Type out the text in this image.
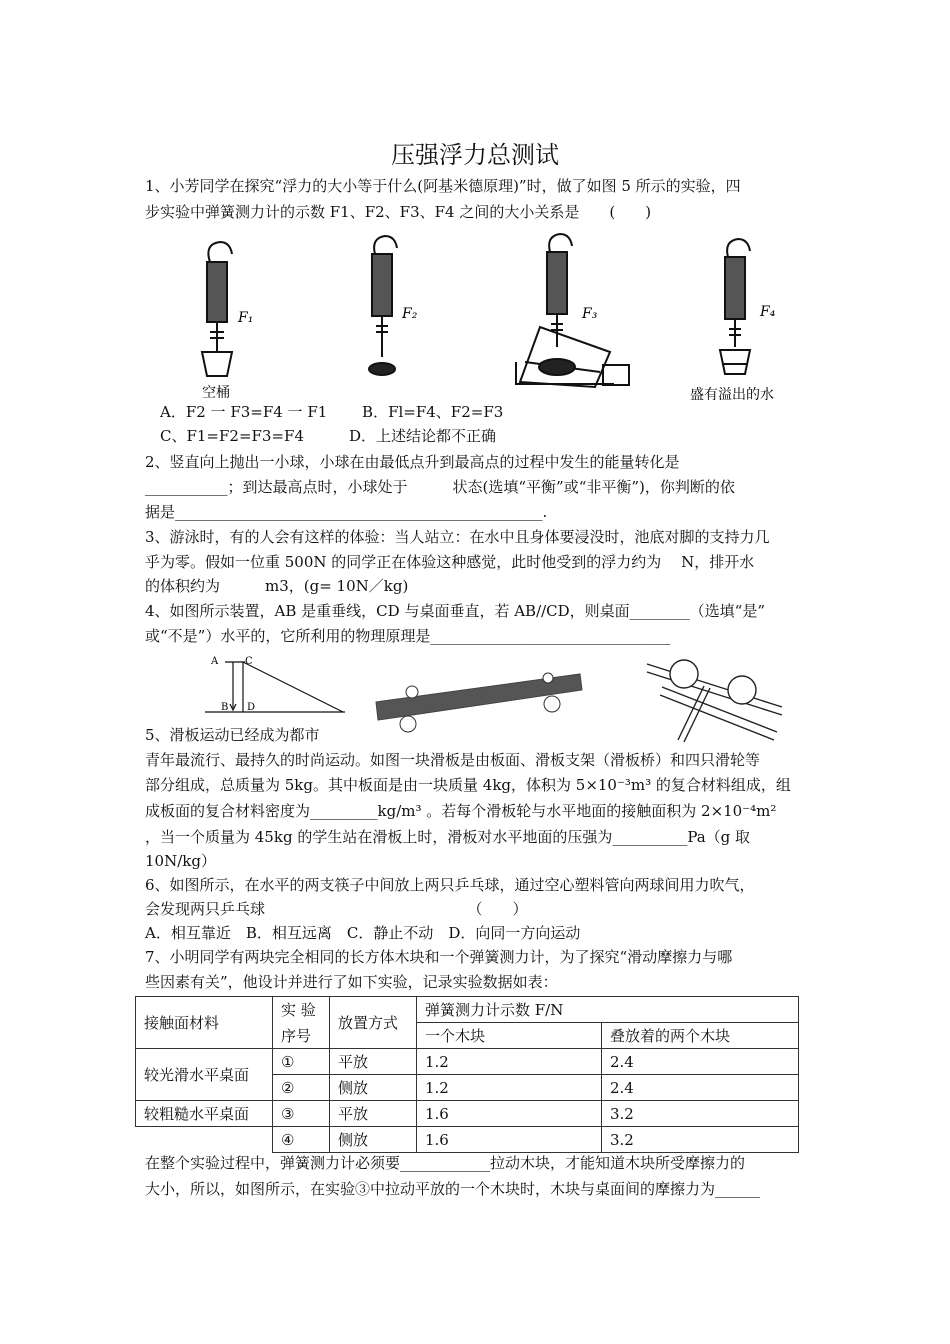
压强浮力总测试
1、小芳同学在探究“浮力的大小等于什么(阿基米德原理)”时，做了如图 5 所示的实验，四
步实验中弹簧测力计的示数 F1、F2、F3、F4 之间的大小关系是　　(　　)
F₁	F₂	F₃	F₄
空桶	盛有溢出的水
A．F2 一 F3=F4 一 F1　　 B．Fl=F4、F2=F3
C、F1=F2=F3=F4　　　D．上述结论都不正确
2、竖直向上抛出一小球，小球在由最低点升到最高点的过程中发生的能量转化是
___________；到达最高点时，小球处于　　　状态(选填“平衡”或“非平衡”)，你判断的依
据是_________________________________________________.
3、游泳时，有的人会有这样的体验：当人站立：在水中且身体要浸没时，池底对脚的支持力几
乎为零。假如一位重 500N 的同学正在体验这种感觉，此时他受到的浮力约为　 N，排开水
的体积约为　　　m3，(g= 10N／kg)
4、如图所示装置，AB 是重垂线，CD 与桌面垂直，若 AB//CD，则桌面________（选填“是”
或“不是”）水平的，它所利用的物理原理是________________________________
A	C
B D
5、滑板运动已经成为都市
青年最流行、最持久的时尚运动。如图一块滑板是由板面、滑板支架（滑板桥）和四只滑轮等
部分组成，总质量为 5kg。其中板面是由一块质量 4kg，体积为 5×10⁻³m³ 的复合材料组成，组
成板面的复合材料密度为_________kg/m³ 。若每个滑板轮与水平地面的接触面积为 2×10⁻⁴m²
，当一个质量为 45kg 的学生站在滑板上时，滑板对水平地面的压强为__________Pa（g 取
10N/kg）
6、如图所示，在水平的两支筷子中间放上两只乒乓球，通过空心塑料管向两球间用力吹气，
会发现两只乒乓球　　　　　　　　　　　　　　（　　）
A．相互靠近　B．相互远离　C．静止不动　D．向同一方向运动
7、小明同学有两块完全相同的长方体木块和一个弹簧测力计，为了探究“滑动摩擦力与哪
些因素有关”，他设计并进行了如下实验，记录实验数据如表：
接触面材料	实 验	放置方式	弹簧测力计示数 F/N	
	序号		一个木块	叠放着的两个木块
较光滑水平桌面	①	平放	1.2	2.4
	②	侧放	1.2	2.4
较粗糙水平桌面	③	平放	1.6	3.2
	④	侧放	1.6	3.2
在整个实验过程中，弹簧测力计必须要____________拉动木块，才能知道木块所受摩擦力的
大小，所以，如图所示，在实验③中拉动平放的一个木块时，木块与桌面间的摩擦力为______
